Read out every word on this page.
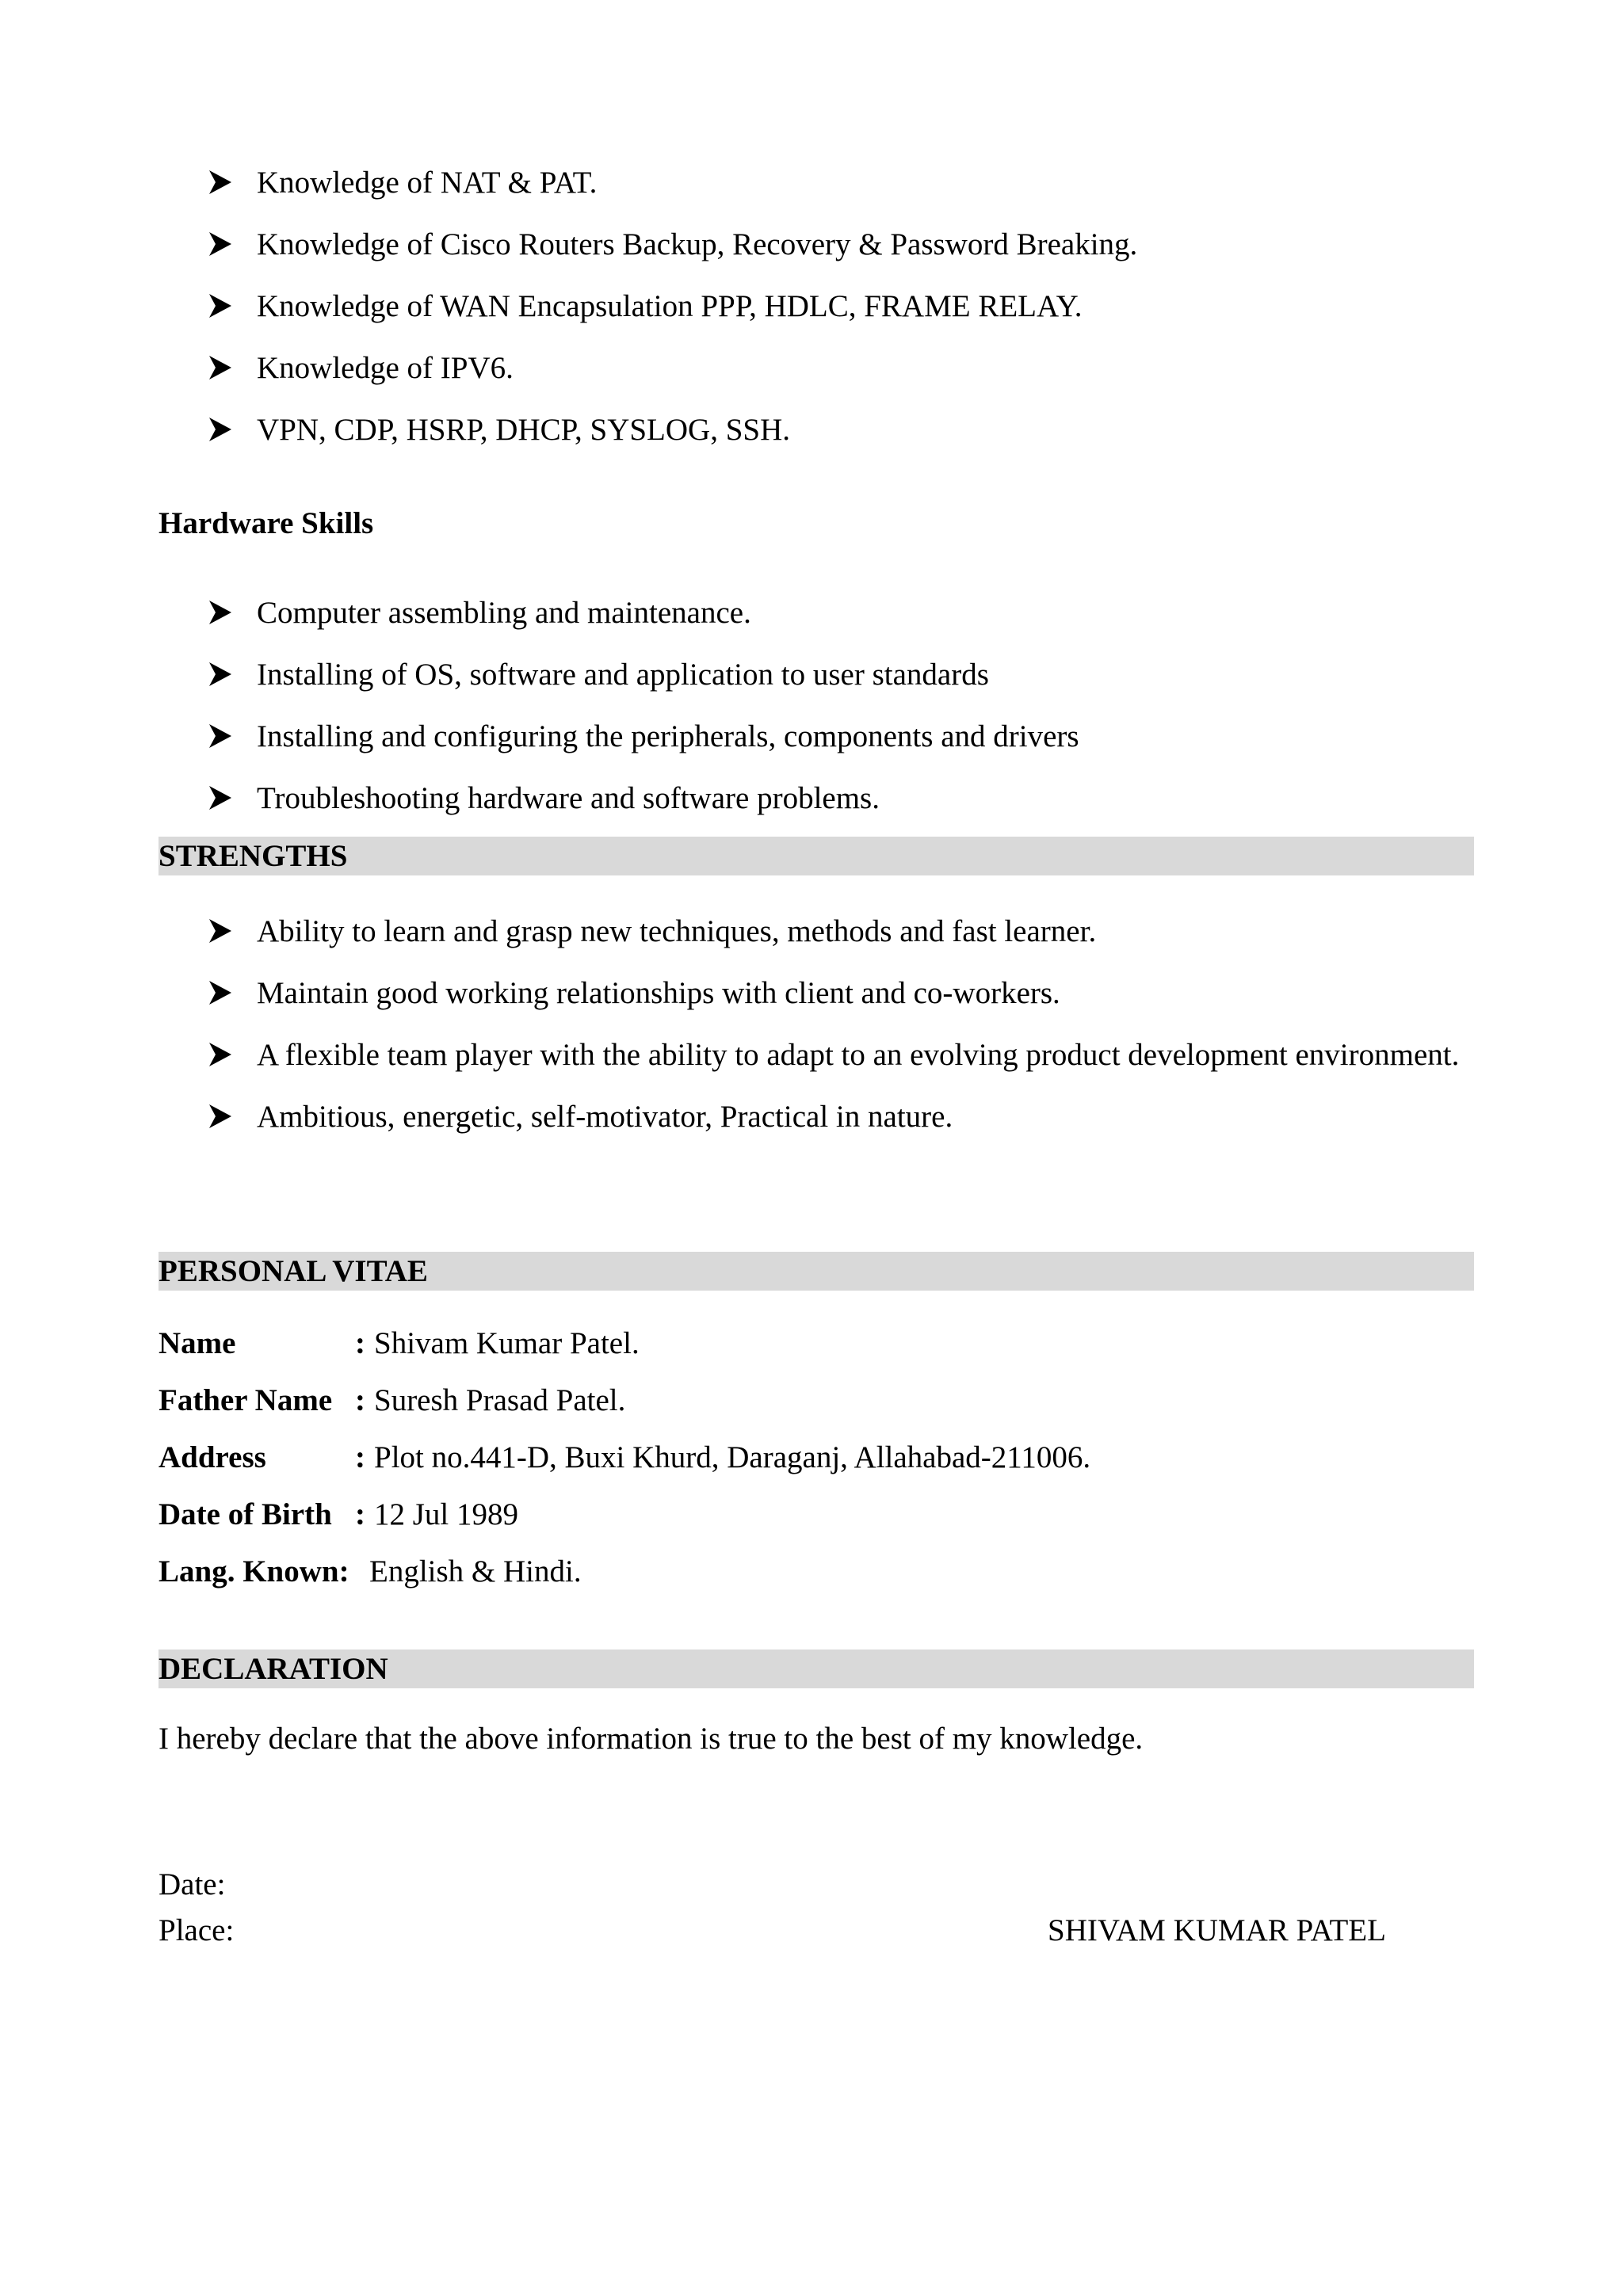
Knowledge of NAT & PAT.
Knowledge of Cisco Routers Backup, Recovery & Password Breaking.
Knowledge of WAN Encapsulation PPP, HDLC, FRAME RELAY.
Knowledge of IPV6.
VPN, CDP, HSRP, DHCP, SYSLOG, SSH.
Hardware Skills
Computer assembling and maintenance.
Installing of OS, software and application to user standards
Installing and configuring the peripherals, components and drivers
Troubleshooting hardware and software problems.
STRENGTHS
Ability to learn and grasp new techniques, methods and fast learner.
Maintain good working relationships with client and co-workers.
A flexible team player with the ability to adapt to an evolving product development environment.
Ambitious, energetic, self-motivator, Practical in nature.
PERSONAL VITAE
Name	: Shivam Kumar Patel.
Father Name : Suresh Prasad Patel.
Address	: Plot no.441-D, Buxi Khurd, Daraganj, Allahabad-211006.
Date of Birth : 12 Jul 1989
Lang. Known: English & Hindi.
DECLARATION
I hereby declare that the above information is true to the best of my knowledge.
Date:
Place:	SHIVAM KUMAR PATEL
